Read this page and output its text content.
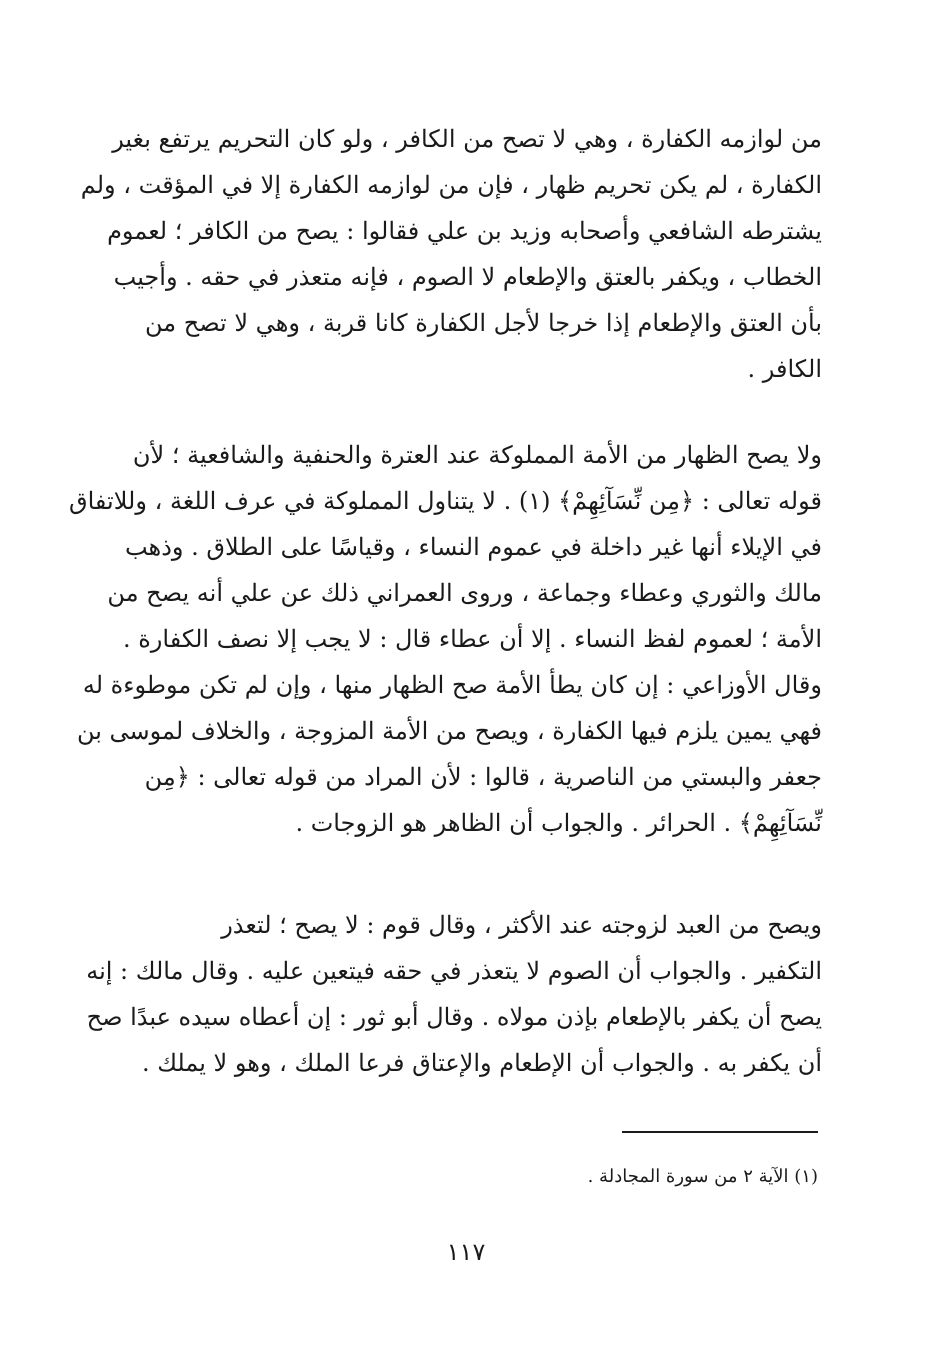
من لوازمه الكفارة ، وهي لا تصح من الكافر ، ولو كان التحريم يرتفع بغير
الكفارة ، لم يكن تحريم ظهار ، فإن من لوازمه الكفارة إلا في المؤقت ، ولم
يشترطه الشافعي وأصحابه وزيد بن علي فقالوا : يصح من الكافر ؛ لعموم
الخطاب ، ويكفر بالعتق والإطعام لا الصوم ، فإنه متعذر في حقه . وأجيب
بأن العتق والإطعام إذا خرجا لأجل الكفارة كانا قربة ، وهي لا تصح من
الكافر .
ولا يصح الظهار من الأمة المملوكة عند العترة والحنفية والشافعية ؛ لأن
قوله تعالى : ﴿مِن نِّسَآئِهِمْ﴾ (١) . لا يتناول المملوكة في عرف اللغة ، وللاتفاق
في الإيلاء أنها غير داخلة في عموم النساء ، وقياسًا على الطلاق . وذهب
مالك والثوري وعطاء وجماعة ، وروى العمراني ذلك عن علي أنه يصح من
الأمة ؛ لعموم لفظ النساء . إلا أن عطاء قال : لا يجب إلا نصف الكفارة .
وقال الأوزاعي : إن كان يطأ الأمة صح الظهار منها ، وإن لم تكن موطوءة له
فهي يمين يلزم فيها الكفارة ، ويصح من الأمة المزوجة ، والخلاف لموسى بن
جعفر والبستي من الناصرية ، قالوا : لأن المراد من قوله تعالى : ﴿مِن
نِّسَآئِهِمْ﴾ . الحرائر . والجواب أن الظاهر هو الزوجات .
ويصح من العبد لزوجته عند الأكثر ، وقال قوم : لا يصح ؛ لتعذر
التكفير . والجواب أن الصوم لا يتعذر في حقه فيتعين عليه . وقال مالك : إنه
يصح أن يكفر بالإطعام بإذن مولاه . وقال أبو ثور : إن أعطاه سيده عبدًا صح
أن يكفر به . والجواب أن الإطعام والإعتاق فرعا الملك ، وهو لا يملك .
(١) الآية ٢ من سورة المجادلة .
١١٧
